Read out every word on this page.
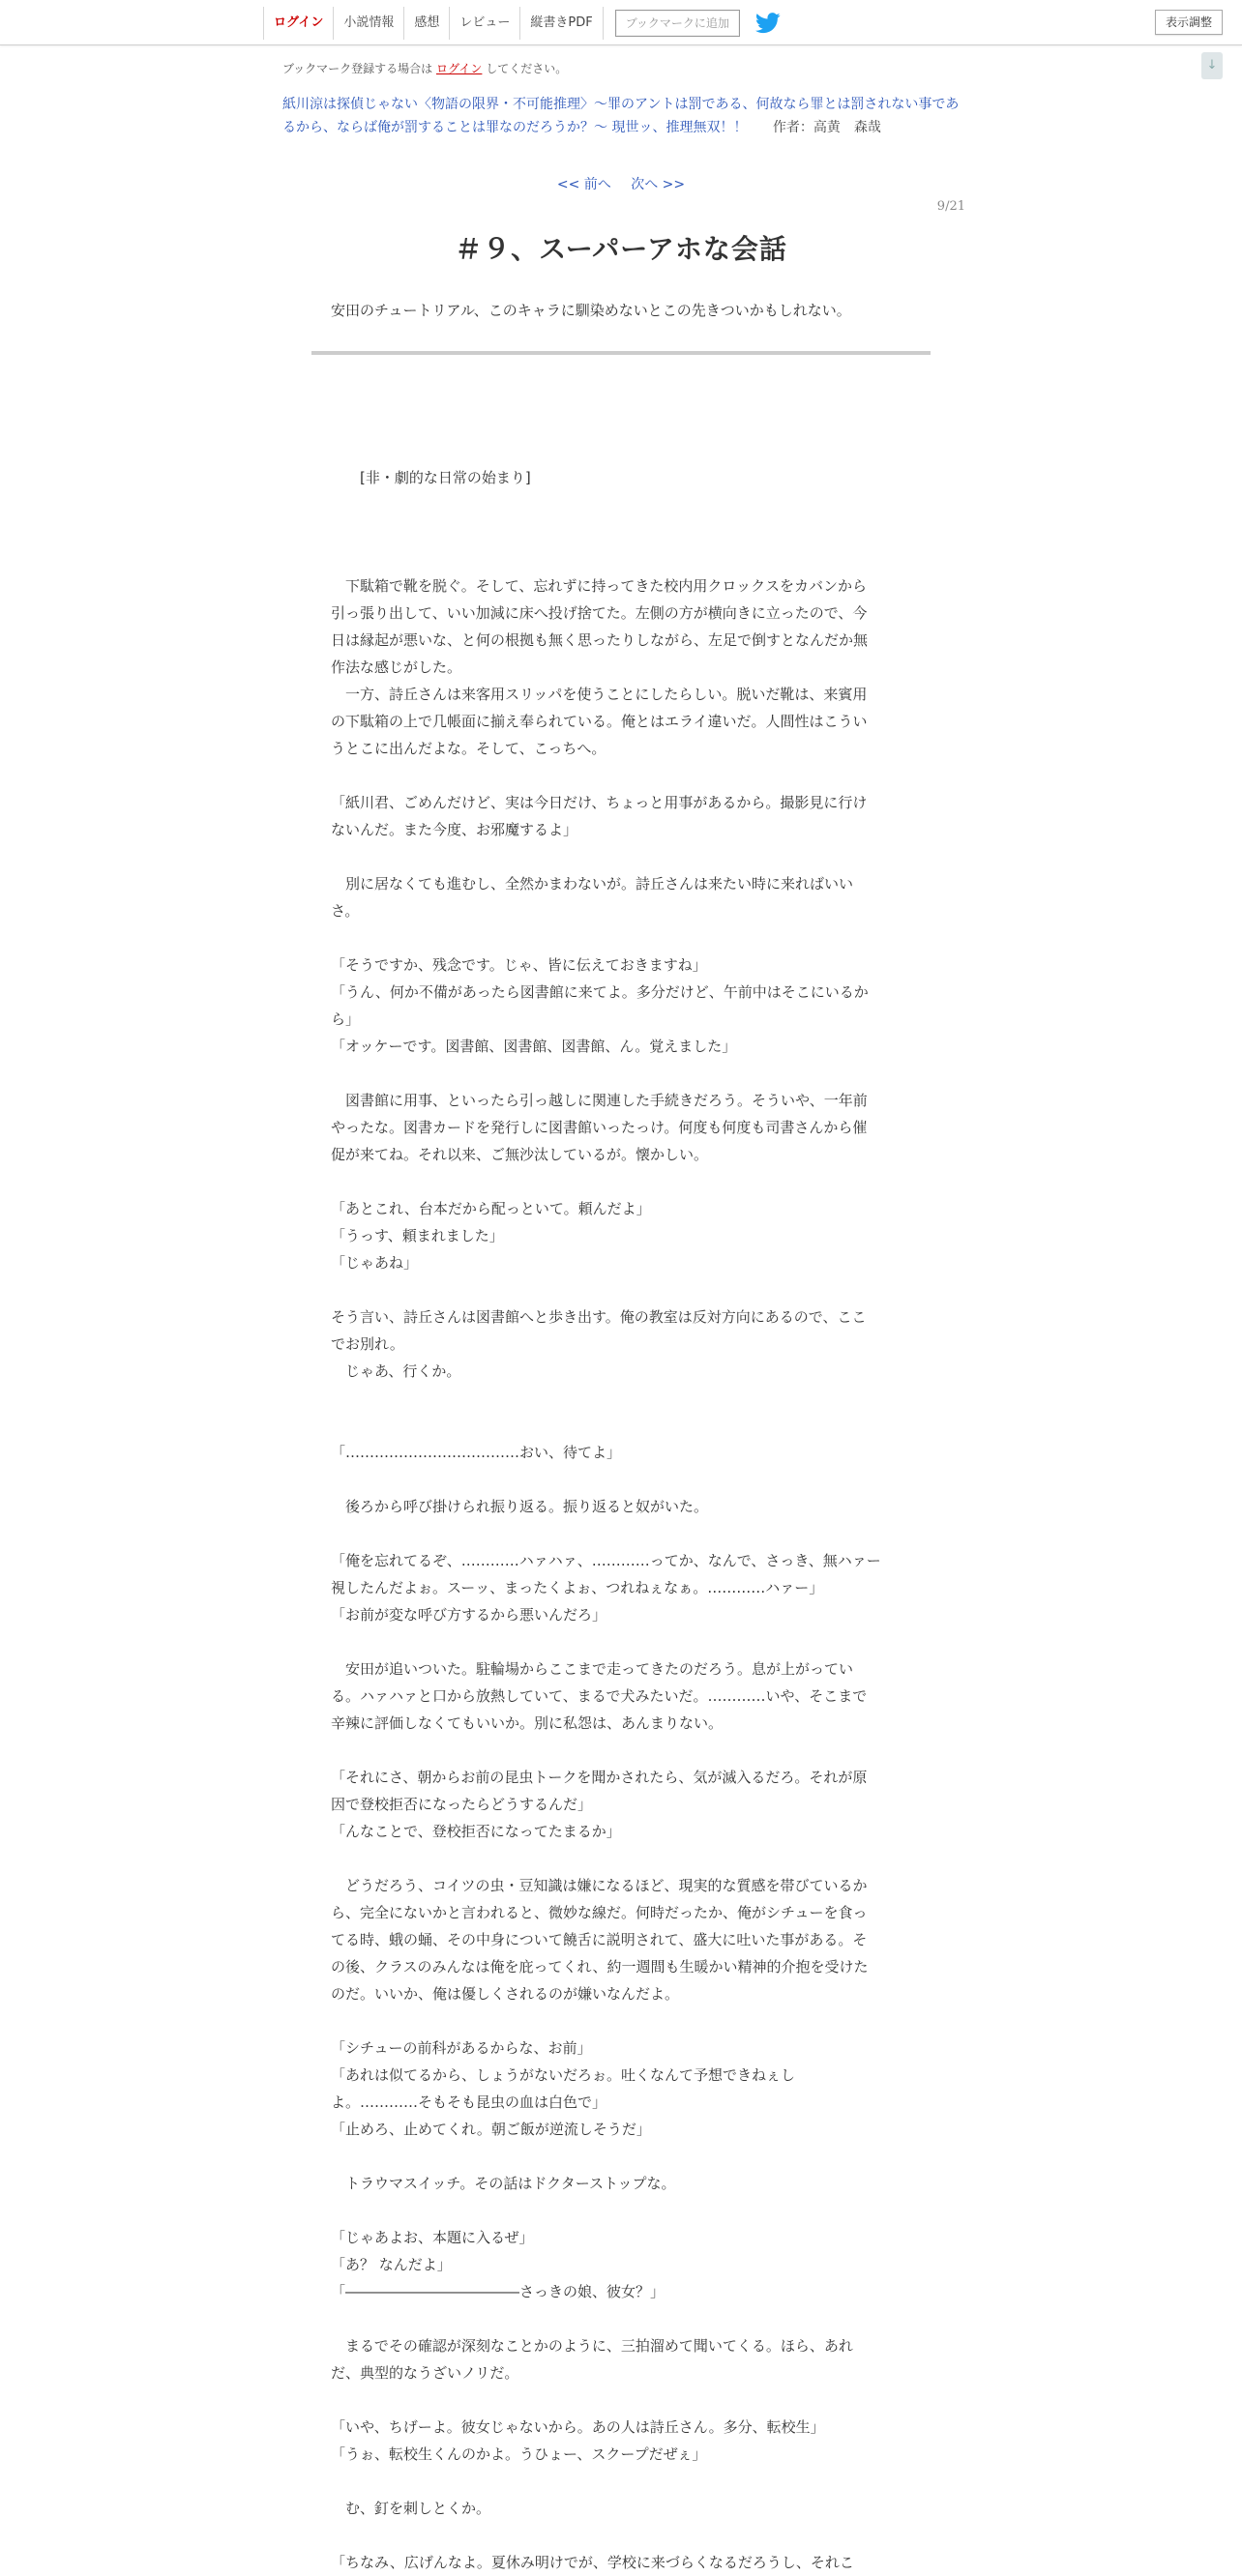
ログイン	小説情報	感想	レビュー	縦書きPDF	ブックマークに追加	表示調整
↓
ブックマーク登録する場合は ログイン してください。
紙川涼は探偵じゃない〈物語の限界・不可能推理〉～罪のアントは罰である、何故なら罪とは罰されない事であるから、ならば俺が罰することは罪なのだろうか？～ 現世ッ、推理無双！！ 作者：高黄　森哉
<< 前へ 次へ >>
9/21
＃９、スーパーアホな会話
安田のチュートリアル、このキャラに馴染めないとこの先きついかもしれない。
　　[非・劇的な日常の始まり]
　下駄箱で靴を脱ぐ。そして、忘れずに持ってきた校内用クロックスをカバンから
引っ張り出して、いい加減に床へ投げ捨てた。左側の方が横向きに立ったので、今
日は縁起が悪いな、と何の根拠も無く思ったりしながら、左足で倒すとなんだか無
作法な感じがした。
　一方、詩丘さんは来客用スリッパを使うことにしたらしい。脱いだ靴は、来賓用
の下駄箱の上で几帳面に揃え奉られている。俺とはエライ違いだ。人間性はこうい
うとこに出んだよな。そして、こっちへ。
「紙川君、ごめんだけど、実は今日だけ、ちょっと用事があるから。撮影見に行け
ないんだ。また今度、お邪魔するよ」
　別に居なくても進むし、全然かまわないが。詩丘さんは来たい時に来ればいい
さ。
「そうですか、残念です。じゃ、皆に伝えておきますね」
「うん、何か不備があったら図書館に来てよ。多分だけど、午前中はそこにいるか
ら」
「オッケーです。図書館、図書館、図書館、ん。覚えました」
　図書館に用事、といったら引っ越しに関連した手続きだろう。そういや、一年前
やったな。図書カードを発行しに図書館いったっけ。何度も何度も司書さんから催
促が来てね。それ以来、ご無沙汰しているが。懐かしい。
「あとこれ、台本だから配っといて。頼んだよ」
「うっす、頼まれました」
「じゃあね」
そう言い、詩丘さんは図書館へと歩き出す。俺の教室は反対方向にあるので、ここ
でお別れ。
　じゃあ、行くか。
「………………………………おい、待てよ」
　後ろから呼び掛けられ振り返る。振り返ると奴がいた。
「俺を忘れてるぞ、…………ハァハァ、…………ってか、なんで、さっき、無ハァー
視したんだよぉ。スーッ、まったくよぉ、つれねぇなぁ。…………ハァー」
「お前が変な呼び方するから悪いんだろ」
　安田が追いついた。駐輪場からここまで走ってきたのだろう。息が上がってい
る。ハァハァと口から放熱していて、まるで犬みたいだ。…………いや、そこまで
辛辣に評価しなくてもいいか。別に私怨は、あんまりない。
「それにさ、朝からお前の昆虫トークを聞かされたら、気が滅入るだろ。それが原
因で登校拒否になったらどうするんだ」
「んなことで、登校拒否になってたまるか」
　どうだろう、コイツの虫・豆知識は嫌になるほど、現実的な質感を帯びているか
ら、完全にないかと言われると、微妙な線だ。何時だったか、俺がシチューを食っ
てる時、蛾の蛹、その中身について饒舌に説明されて、盛大に吐いた事がある。そ
の後、クラスのみんなは俺を庇ってくれ、約一週間も生暖かい精神的介抱を受けた
のだ。いいか、俺は優しくされるのが嫌いなんだよ。
「シチューの前科があるからな、お前」
「あれは似てるから、しょうがないだろぉ。吐くなんて予想できねぇし
よ。…………そもそも昆虫の血は白色で」
「止めろ、止めてくれ。朝ご飯が逆流しそうだ」
　トラウマスイッチ。その話はドクターストップな。
「じゃあよお、本題に入るぜ」
「あ？ なんだよ」
「――――――――――――さっきの娘、彼女？」
　まるでその確認が深刻なことかのように、三拍溜めて聞いてくる。ほら、あれ
だ、典型的なうざいノリだ。
「いや、ちげーよ。彼女じゃないから。あの人は詩丘さん。多分、転校生」
「うぉ、転校生くんのかよ。うひょー、スクープだぜぇ」
　む、釘を刺しとくか。
「ちなみ、広げんなよ。夏休み明けでが、学校に来づらくなるだろうし、それこ
